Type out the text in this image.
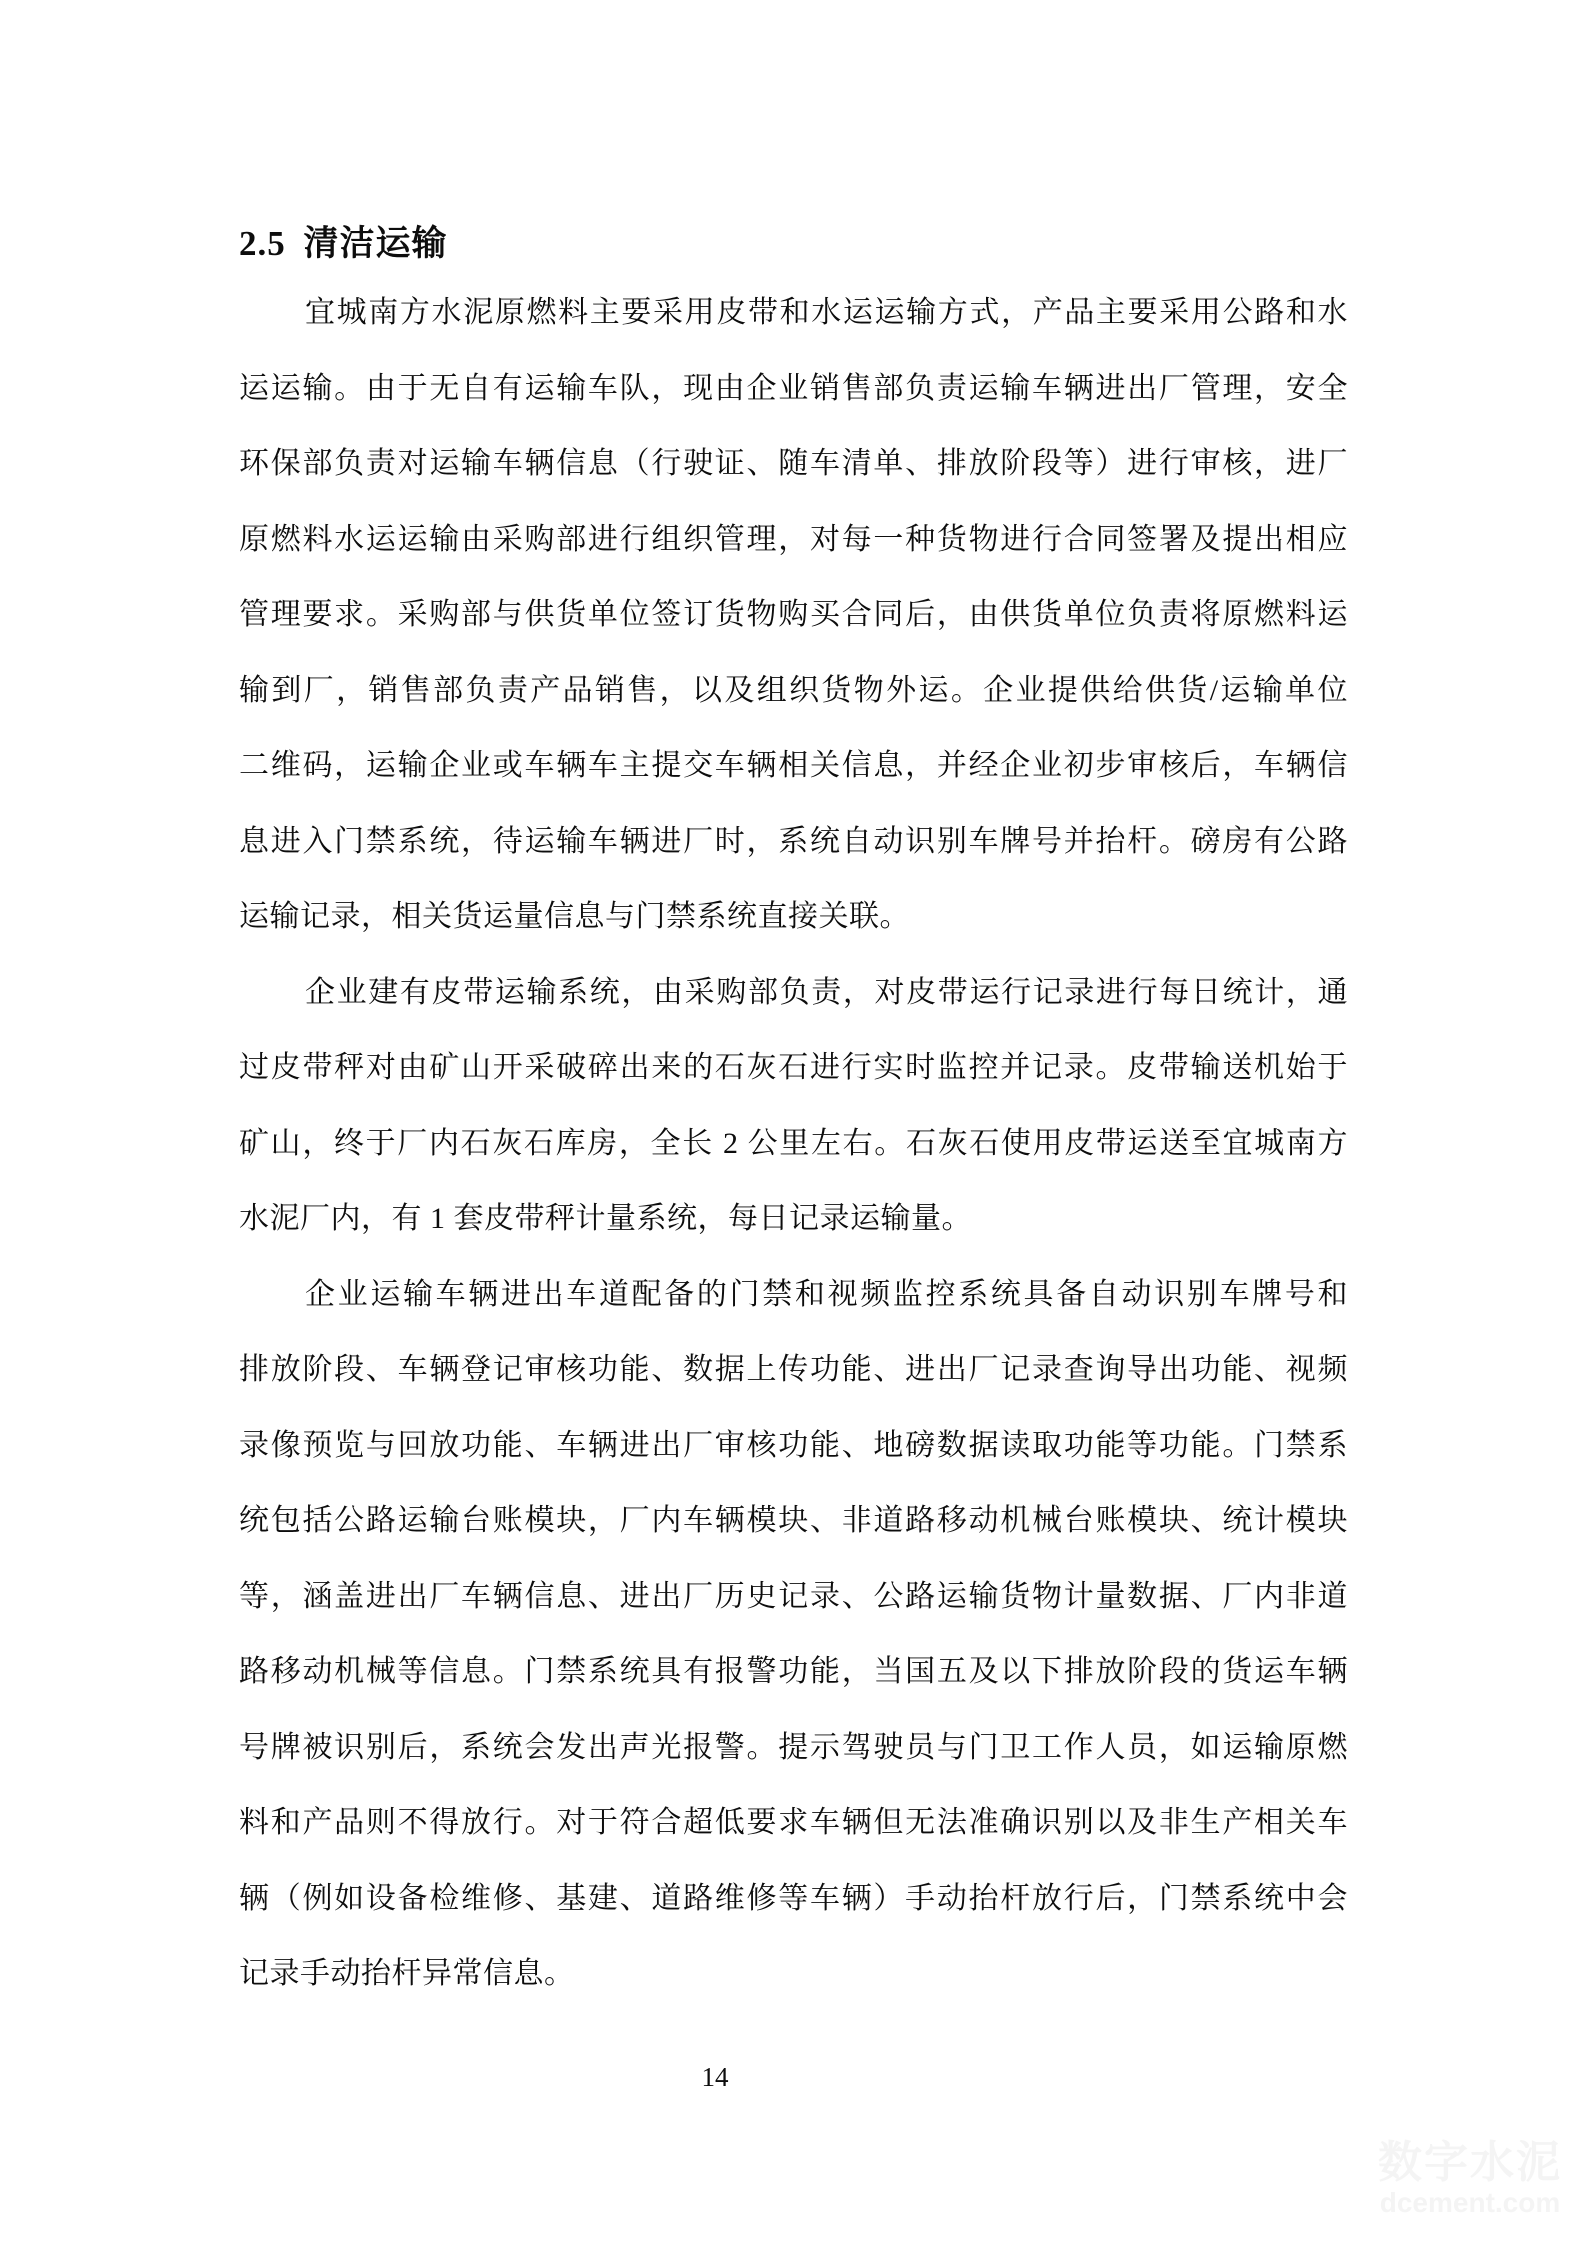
2.5 清洁运输
宜城南方水泥原燃料主要采用皮带和水运运输方式，产品主要采用公路和水
运运输。由于无自有运输车队，现由企业销售部负责运输车辆进出厂管理，安全
环保部负责对运输车辆信息（行驶证、随车清单、排放阶段等）进行审核，进厂
原燃料水运运输由采购部进行组织管理，对每一种货物进行合同签署及提出相应
管理要求。采购部与供货单位签订货物购买合同后，由供货单位负责将原燃料运
输到厂，销售部负责产品销售，以及组织货物外运。企业提供给供货/运输单位
二维码，运输企业或车辆车主提交车辆相关信息，并经企业初步审核后，车辆信
息进入门禁系统，待运输车辆进厂时，系统自动识别车牌号并抬杆。磅房有公路
运输记录，相关货运量信息与门禁系统直接关联。
企业建有皮带运输系统，由采购部负责，对皮带运行记录进行每日统计，通
过皮带秤对由矿山开采破碎出来的石灰石进行实时监控并记录。皮带输送机始于
矿山，终于厂内石灰石库房，全长 2 公里左右。石灰石使用皮带运送至宜城南方
水泥厂内，有 1 套皮带秤计量系统，每日记录运输量。
企业运输车辆进出车道配备的门禁和视频监控系统具备自动识别车牌号和
排放阶段、车辆登记审核功能、数据上传功能、进出厂记录查询导出功能、视频
录像预览与回放功能、车辆进出厂审核功能、地磅数据读取功能等功能。门禁系
统包括公路运输台账模块，厂内车辆模块、非道路移动机械台账模块、统计模块
等，涵盖进出厂车辆信息、进出厂历史记录、公路运输货物计量数据、厂内非道
路移动机械等信息。门禁系统具有报警功能，当国五及以下排放阶段的货运车辆
号牌被识别后，系统会发出声光报警。提示驾驶员与门卫工作人员，如运输原燃
料和产品则不得放行。对于符合超低要求车辆但无法准确识别以及非生产相关车
辆（例如设备检维修、基建、道路维修等车辆）手动抬杆放行后，门禁系统中会
记录手动抬杆异常信息。
14
数字水泥
dcement.com
